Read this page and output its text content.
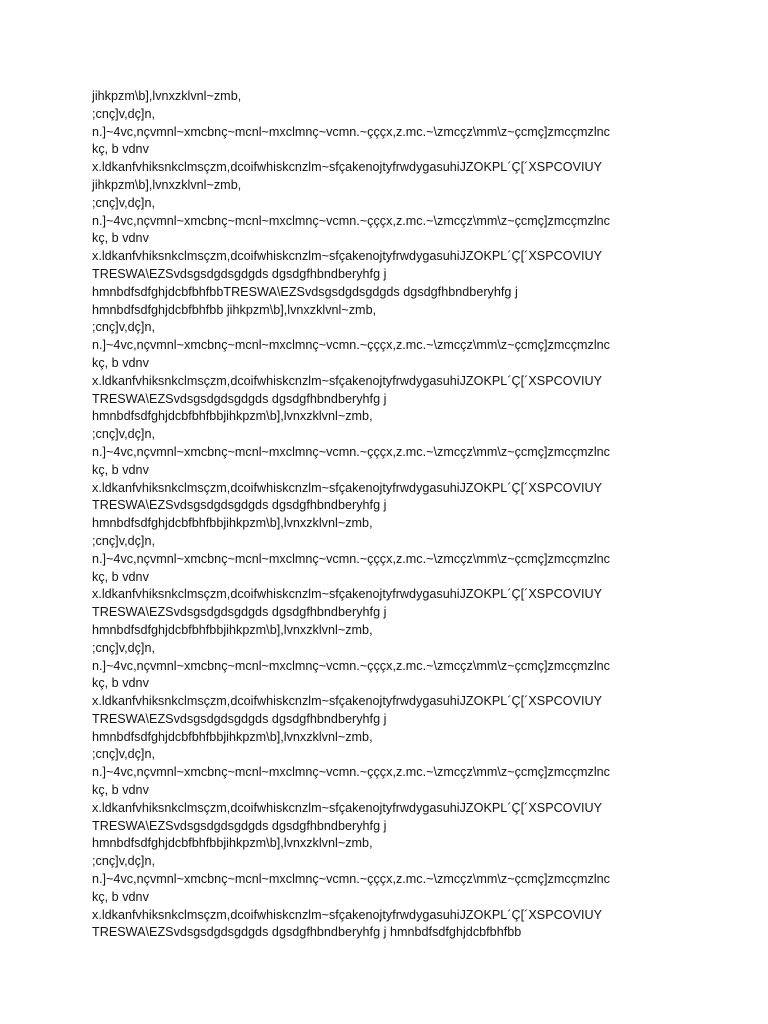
jihkpzm\b],lvnxzklvnl~zmb,
;cnç]v,dç]n,
n.]~4vc,nçvmnl~xmcbnç~mcnl~mxclmnç~vcmn.~çççx,z.mc.~\zmcçz\mm\z~çcmç]zmcçmzlnc
kç, b vdnv
x.ldkanfvhiksnkclmsçzm,dcoifwhiskcnzlm~sfçakenojtyfrwdygasuhiJZOKPL´Ç[´XSPCOVIUY
jihkpzm\b],lvnxzklvnl~zmb,
;cnç]v,dç]n,
n.]~4vc,nçvmnl~xmcbnç~mcnl~mxclmnç~vcmn.~çççx,z.mc.~\zmcçz\mm\z~çcmç]zmcçmzlnc
kç, b vdnv
x.ldkanfvhiksnkclmsçzm,dcoifwhiskcnzlm~sfçakenojtyfrwdygasuhiJZOKPL´Ç[´XSPCOVIUY
TRESWA\EZSvdsgsdgdsgdgds dgsdgfhbndberyhfg j
hmnbdfsdfghjdcbfbhfbbTRESWA\EZSvdsgsdgdsgdgds dgsdgfhbndberyhfg j
hmnbdfsdfghjdcbfbhfbb jihkpzm\b],lvnxzklvnl~zmb,
;cnç]v,dç]n,
n.]~4vc,nçvmnl~xmcbnç~mcnl~mxclmnç~vcmn.~çççx,z.mc.~\zmcçz\mm\z~çcmç]zmcçmzlnc
kç, b vdnv
x.ldkanfvhiksnkclmsçzm,dcoifwhiskcnzlm~sfçakenojtyfrwdygasuhiJZOKPL´Ç[´XSPCOVIUY
TRESWA\EZSvdsgsdgdsgdgds dgsdgfhbndberyhfg j
hmnbdfsdfghjdcbfbhfbbjihkpzm\b],lvnxzklvnl~zmb,
;cnç]v,dç]n,
n.]~4vc,nçvmnl~xmcbnç~mcnl~mxclmnç~vcmn.~çççx,z.mc.~\zmcçz\mm\z~çcmç]zmcçmzlnc
kç, b vdnv
x.ldkanfvhiksnkclmsçzm,dcoifwhiskcnzlm~sfçakenojtyfrwdygasuhiJZOKPL´Ç[´XSPCOVIUY
TRESWA\EZSvdsgsdgdsgdgds dgsdgfhbndberyhfg j
hmnbdfsdfghjdcbfbhfbbjihkpzm\b],lvnxzklvnl~zmb,
;cnç]v,dç]n,
n.]~4vc,nçvmnl~xmcbnç~mcnl~mxclmnç~vcmn.~çççx,z.mc.~\zmcçz\mm\z~çcmç]zmcçmzlnc
kç, b vdnv
x.ldkanfvhiksnkclmsçzm,dcoifwhiskcnzlm~sfçakenojtyfrwdygasuhiJZOKPL´Ç[´XSPCOVIUY
TRESWA\EZSvdsgsdgdsgdgds dgsdgfhbndberyhfg j
hmnbdfsdfghjdcbfbhfbbjihkpzm\b],lvnxzklvnl~zmb,
;cnç]v,dç]n,
n.]~4vc,nçvmnl~xmcbnç~mcnl~mxclmnç~vcmn.~çççx,z.mc.~\zmcçz\mm\z~çcmç]zmcçmzlnc
kç, b vdnv
x.ldkanfvhiksnkclmsçzm,dcoifwhiskcnzlm~sfçakenojtyfrwdygasuhiJZOKPL´Ç[´XSPCOVIUY
TRESWA\EZSvdsgsdgdsgdgds dgsdgfhbndberyhfg j
hmnbdfsdfghjdcbfbhfbbjihkpzm\b],lvnxzklvnl~zmb,
;cnç]v,dç]n,
n.]~4vc,nçvmnl~xmcbnç~mcnl~mxclmnç~vcmn.~çççx,z.mc.~\zmcçz\mm\z~çcmç]zmcçmzlnc
kç, b vdnv
x.ldkanfvhiksnkclmsçzm,dcoifwhiskcnzlm~sfçakenojtyfrwdygasuhiJZOKPL´Ç[´XSPCOVIUY
TRESWA\EZSvdsgsdgdsgdgds dgsdgfhbndberyhfg j
hmnbdfsdfghjdcbfbhfbbjihkpzm\b],lvnxzklvnl~zmb,
;cnç]v,dç]n,
n.]~4vc,nçvmnl~xmcbnç~mcnl~mxclmnç~vcmn.~çççx,z.mc.~\zmcçz\mm\z~çcmç]zmcçmzlnc
kç, b vdnv
x.ldkanfvhiksnkclmsçzm,dcoifwhiskcnzlm~sfçakenojtyfrwdygasuhiJZOKPL´Ç[´XSPCOVIUY
TRESWA\EZSvdsgsdgdsgdgds dgsdgfhbndberyhfg j hmnbdfsdfghjdcbfbhfbb
